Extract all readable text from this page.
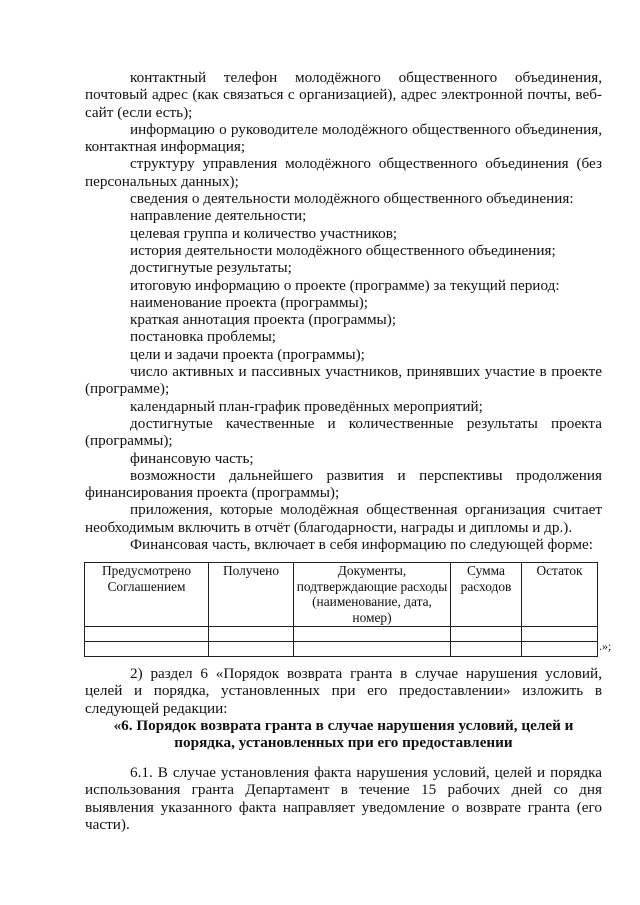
контактный телефон молодёжного общественного объединения, почтовый адрес (как связаться с организацией), адрес электронной почты, веб-сайт (если есть);

информацию о руководителе молодёжного общественного объединения, контактная информация;

структуру управления молодёжного общественного объединения (без персональных данных);

сведения о деятельности молодёжного общественного объединения:

направление деятельности;

целевая группа и количество участников;

история деятельности молодёжного общественного объединения;

достигнутые результаты;

итоговую информацию о проекте (программе) за текущий период:

наименование проекта (программы);

краткая аннотация проекта (программы);

постановка проблемы;

цели и задачи проекта (программы);

число активных и пассивных участников, принявших участие в проекте (программе);

календарный план-график проведённых мероприятий;

достигнутые качественные и количественные результаты проекта (программы);

финансовую часть;

возможности дальнейшего развития и перспективы продолжения финансирования проекта (программы);

приложения, которые молодёжная общественная организация считает необходимым включить в отчёт (благодарности, награды и дипломы и др.).

Финансовая часть, включает в себя информацию по следующей форме:

Предусмотрено Соглашением	Получено	Документы, подтверждающие расходы (наименование, дата, номер)	Сумма расходов	Остаток

.»;

2) раздел 6 «Порядок возврата гранта в случае нарушения условий, целей и порядка, установленных при его предоставлении» изложить в следующей редакции:

«6. Порядок возврата гранта в случае нарушения условий, целей и

порядка, установленных при его предоставлении

6.1. В случае установления факта нарушения условий, целей и порядка использования гранта Департамент в течение 15 рабочих дней со дня выявления указанного факта направляет уведомление о возврате гранта (его части).
